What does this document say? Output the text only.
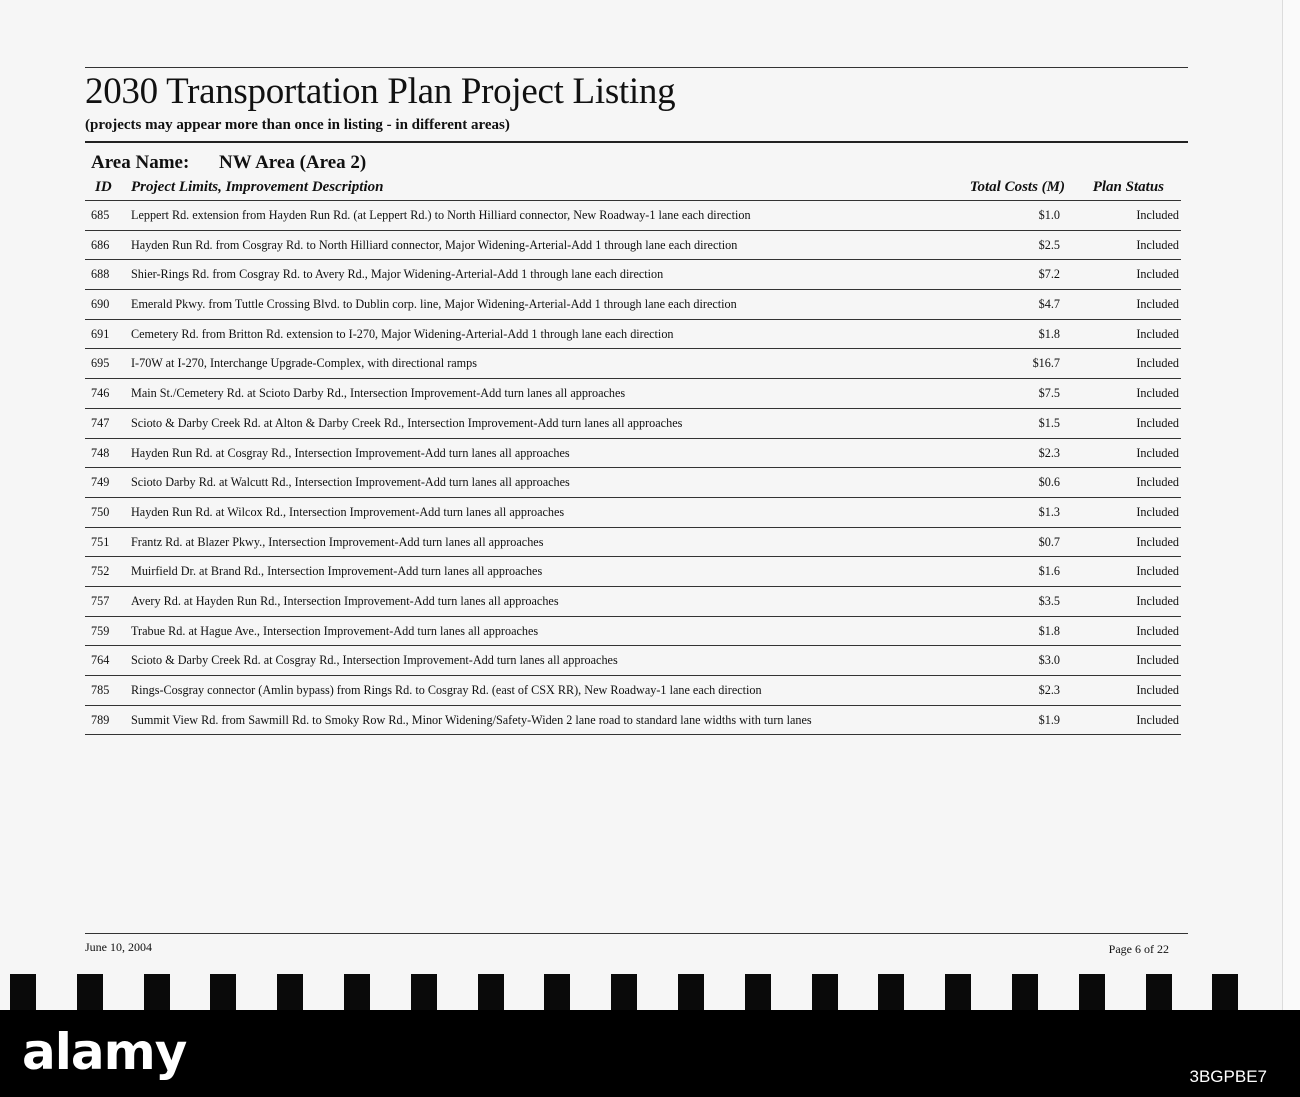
2030 Transportation Plan Project Listing
(projects may appear more than once in listing - in different areas)
Area Name: NW Area (Area 2)
ID Project Limits, Improvement Description	Total Costs (M) Plan Status
685 Leppert Rd. extension from Hayden Run Rd. (at Leppert Rd.) to North Hilliard connector, New Roadway-1 lane each direction	$1.0	Included
686 Hayden Run Rd. from Cosgray Rd. to North Hilliard connector, Major Widening-Arterial-Add 1 through lane each direction	$2.5	Included
688 Shier-Rings Rd. from Cosgray Rd. to Avery Rd., Major Widening-Arterial-Add 1 through lane each direction	$7.2	Included
690 Emerald Pkwy. from Tuttle Crossing Blvd. to Dublin corp. line, Major Widening-Arterial-Add 1 through lane each direction	$4.7	Included
691 Cemetery Rd. from Britton Rd. extension to I-270, Major Widening-Arterial-Add 1 through lane each direction	$1.8	Included
695 I-70W at I-270, Interchange Upgrade-Complex, with directional ramps	$16.7	Included
746 Main St./Cemetery Rd. at Scioto Darby Rd., Intersection Improvement-Add turn lanes all approaches	$7.5	Included
747 Scioto & Darby Creek Rd. at Alton & Darby Creek Rd., Intersection Improvement-Add turn lanes all approaches	$1.5	Included
748 Hayden Run Rd. at Cosgray Rd., Intersection Improvement-Add turn lanes all approaches	$2.3	Included
749 Scioto Darby Rd. at Walcutt Rd., Intersection Improvement-Add turn lanes all approaches	$0.6	Included
750 Hayden Run Rd. at Wilcox Rd., Intersection Improvement-Add turn lanes all approaches	$1.3	Included
751 Frantz Rd. at Blazer Pkwy., Intersection Improvement-Add turn lanes all approaches	$0.7	Included
752 Muirfield Dr. at Brand Rd., Intersection Improvement-Add turn lanes all approaches	$1.6	Included
757 Avery Rd. at Hayden Run Rd., Intersection Improvement-Add turn lanes all approaches	$3.5	Included
759 Trabue Rd. at Hague Ave., Intersection Improvement-Add turn lanes all approaches	$1.8	Included
764 Scioto & Darby Creek Rd. at Cosgray Rd., Intersection Improvement-Add turn lanes all approaches	$3.0	Included
785 Rings-Cosgray connector (Amlin bypass) from Rings Rd. to Cosgray Rd. (east of CSX RR), New Roadway-1 lane each direction	$2.3	Included
789 Summit View Rd. from Sawmill Rd. to Smoky Row Rd., Minor Widening/Safety-Widen 2 lane road to standard lane widths with turn lanes	$1.9	Included
June 10, 2004	Page 6 of 22
alamy	3BGPBE7
